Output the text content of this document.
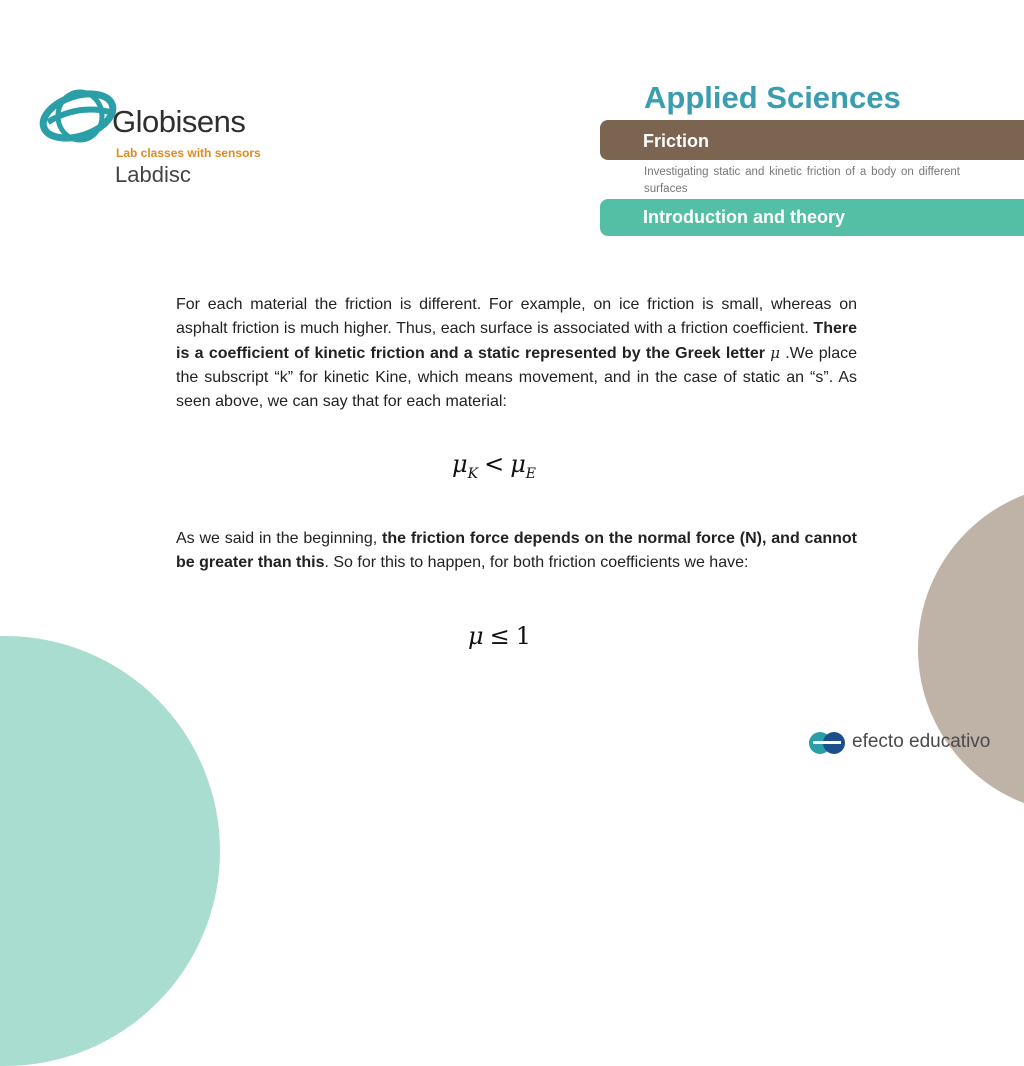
Globisens
Lab classes with sensors
Labdisc
Applied Sciences
Friction
Investigating static and kinetic friction of a body on different surfaces
Introduction and theory
For each material the friction is different. For example, on ice friction is small, whereas on asphalt friction is much higher. Thus, each surface is associated with a friction coefficient. There is a coefficient of kinetic friction and a static represented by the Greek letter μ .We place the subscript “k” for kinetic Kine, which means movement, and in the case of static an “s”. As seen above, we can say that for each material:
$\mu_K < \mu_E$
As we said in the beginning, the friction force depends on the normal force (N), and cannot be greater than this. So for this to happen, for both friction coefficients we have:
μ ≤ 1
efecto educativo
